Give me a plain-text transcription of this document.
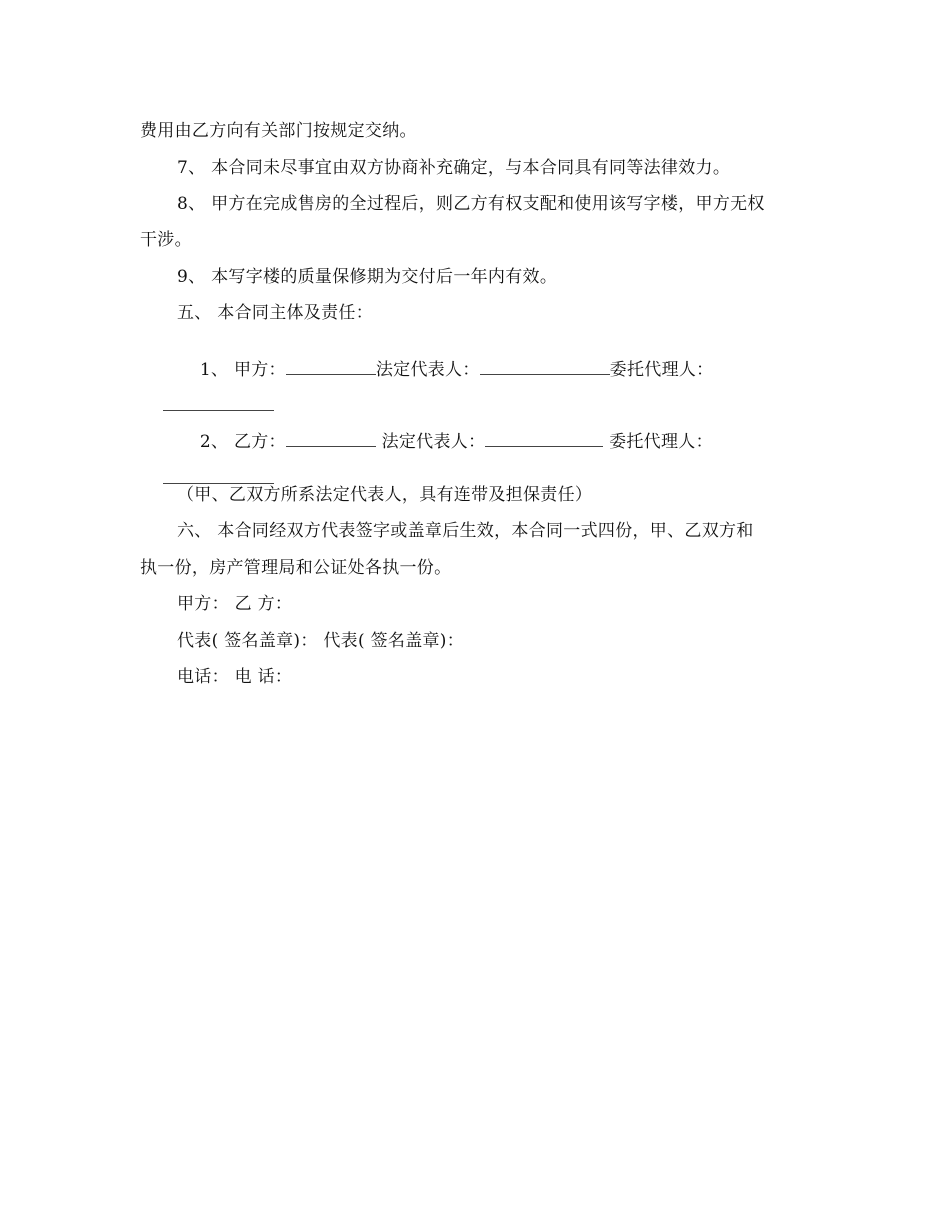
费用由乙方向有关部门按规定交纳。
7、 本合同未尽事宜由双方协商补充确定，与本合同具有同等法律效力。
8、 甲方在完成售房的全过程后，则乙方有权支配和使用该写字楼，甲方无权
干涉。
9、 本写字楼的质量保修期为交付后一年内有效。
五、 本合同主体及责任：

1、 甲方：	法定代表人：	委托代理人：

2、 乙方：	法定代表人：	委托代理人：

（甲、乙双方所系法定代表人，具有连带及担保责任）
六、 本合同经双方代表签字或盖章后生效，本合同一式四份，甲、乙双方和
执一份，房产管理局和公证处各执一份。
甲方： 乙 方：
代表( 签名盖章)： 代表( 签名盖章)：
电话： 电 话：
